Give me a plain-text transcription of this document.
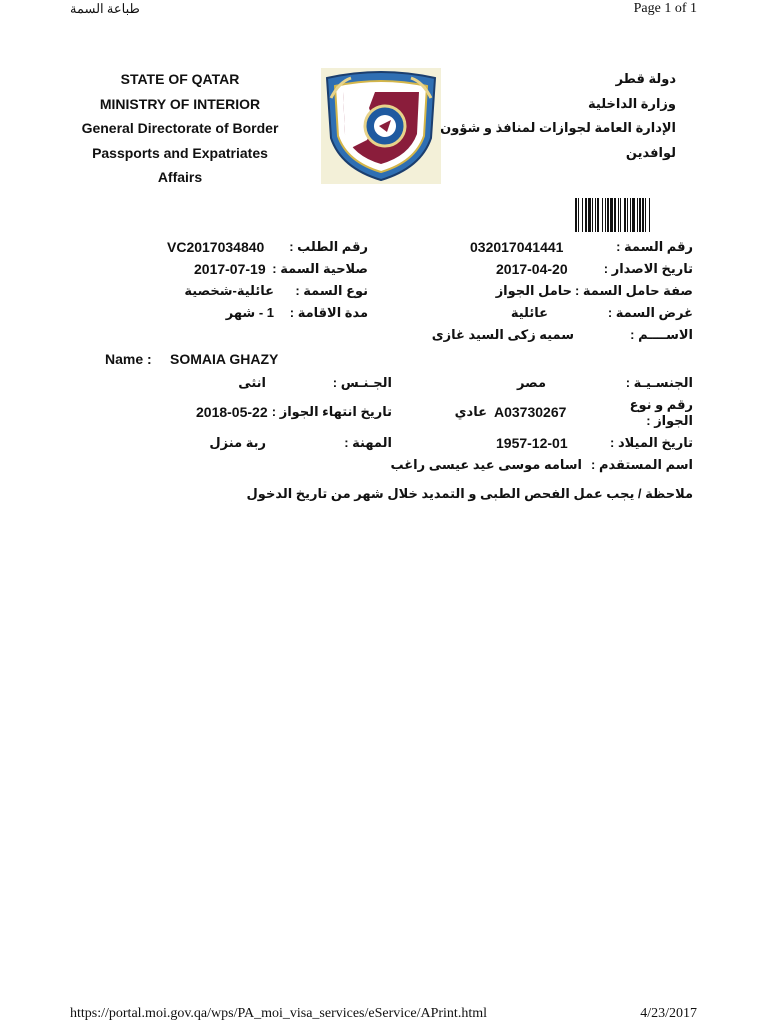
طباعة السمة	Page 1 of 1
STATE OF QATAR
MINISTRY OF INTERIOR
General Directorate of Border
Passports and Expatriates
Affairs
دولة قطر
وزارة الداخلية
الإدارة العامة لجوازات لمنافذ و شؤون
لوافدين
رقم السمة :
032017041441
رقم الطلب :
VC2017034840
تاريخ الاصدار :
2017-04-20
صلاحية السمة :
2017-07-19
صفة حامل السمة :
حامل الجواز
نوع السمة :
عائلية-شخصية
غرض السمة :
عائلية
مدة الاقامة :
1 - شهر
الاســــم :
سميه زكى السيد غازى
Name : SOMAIA GHAZY
الجنسـيـة :
مصر
الجـنـس :
انثى
رقم و نوع
الجواز :
عادي A03730267
تاريخ انتهاء الجواز :
2018-05-22
تاريخ الميلاد :
1957-12-01
المهنة :
ربة منزل
اسم المستقدم :
اسامه موسى عيد عيسى راغب
ملاحظة / يجب عمل الفحص الطبى و التمديد خلال شهر من تاريخ الدخول
https://portal.moi.gov.qa/wps/PA_moi_visa_services/eService/APrint.html	4/23/2017
